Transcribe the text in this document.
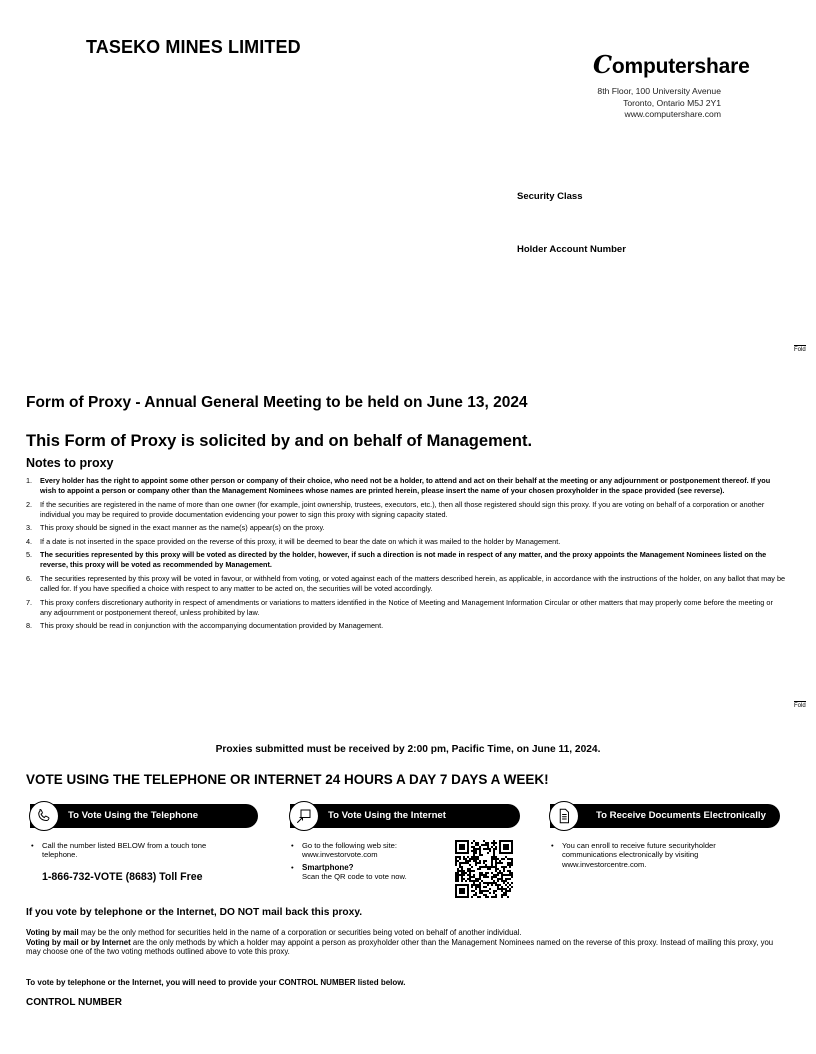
TASEKO MINES LIMITED
Computershare
8th Floor, 100 University Avenue
Toronto, Ontario M5J 2Y1
www.computershare.com
Security Class
Holder Account Number
Fold
Fold
Form of Proxy - Annual General Meeting to be held on June 13, 2024
This Form of Proxy is solicited by and on behalf of Management.
Notes to proxy
1. Every holder has the right to appoint some other person or company of their choice, who need not be a holder, to attend and act on their behalf at the meeting or any adjournment or postponement thereof. If you wish to appoint a person or company other than the Management Nominees whose names are printed herein, please insert the name of your chosen proxyholder in the space provided (see reverse).
2. If the securities are registered in the name of more than one owner (for example, joint ownership, trustees, executors, etc.), then all those registered should sign this proxy. If you are voting on behalf of a corporation or another individual you may be required to provide documentation evidencing your power to sign this proxy with signing capacity stated.
3. This proxy should be signed in the exact manner as the name(s) appear(s) on the proxy.
4. If a date is not inserted in the space provided on the reverse of this proxy, it will be deemed to bear the date on which it was mailed to the holder by Management.
5. The securities represented by this proxy will be voted as directed by the holder, however, if such a direction is not made in respect of any matter, and the proxy appoints the Management Nominees listed on the reverse, this proxy will be voted as recommended by Management.
6. The securities represented by this proxy will be voted in favour, or withheld from voting, or voted against each of the matters described herein, as applicable, in accordance with the instructions of the holder, on any ballot that may be called for. If you have specified a choice with respect to any matter to be acted on, the securities will be voted accordingly.
7. This proxy confers discretionary authority in respect of amendments or variations to matters identified in the Notice of Meeting and Management Information Circular or other matters that may properly come before the meeting or any adjournment or postponement thereof, unless prohibited by law.
8. This proxy should be read in conjunction with the accompanying documentation provided by Management.
Proxies submitted must be received by 2:00 pm, Pacific Time, on June 11, 2024.
VOTE USING THE TELEPHONE OR INTERNET 24 HOURS A DAY 7 DAYS A WEEK!
To Vote Using the Telephone
• Call the number listed BELOW from a touch tone telephone.
1-866-732-VOTE (8683) Toll Free
To Vote Using the Internet
• Go to the following web site: www.investorvote.com
• Smartphone?
Scan the QR code to vote now.
To Receive Documents Electronically
• You can enroll to receive future securityholder communications electronically by visiting www.investorcentre.com.
If you vote by telephone or the Internet, DO NOT mail back this proxy.
Voting by mail may be the only method for securities held in the name of a corporation or securities being voted on behalf of another individual.
Voting by mail or by Internet are the only methods by which a holder may appoint a person as proxyholder other than the Management Nominees named on the reverse of this proxy. Instead of mailing this proxy, you may choose one of the two voting methods outlined above to vote this proxy.
To vote by telephone or the Internet, you will need to provide your CONTROL NUMBER listed below.
CONTROL NUMBER
